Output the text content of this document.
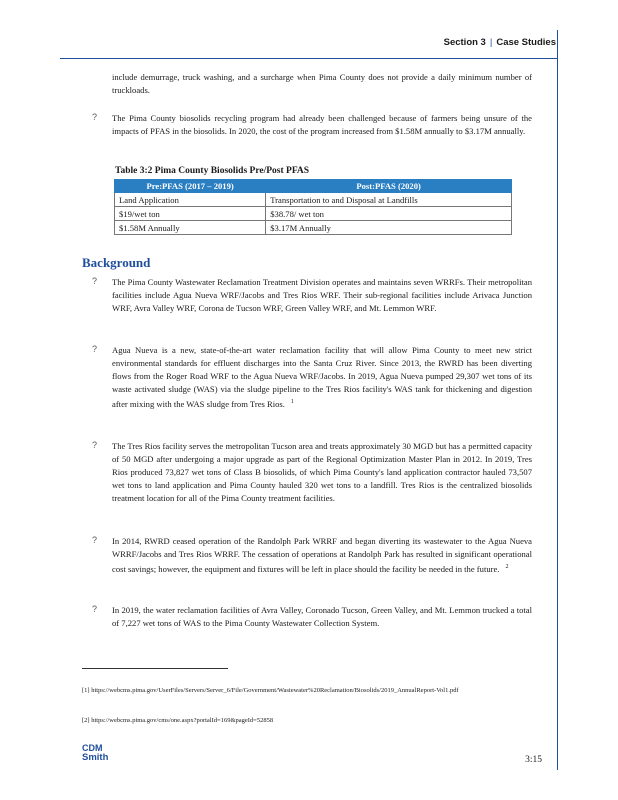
Section 3 | Case Studies
include demurrage, truck washing, and a surcharge when Pima County does not provide a daily minimum number of truckloads.
? The Pima County biosolids recycling program had already been challenged because of farmers being unsure of the impacts of PFAS in the biosolids. In 2020, the cost of the program increased from $1.58M annually to $3.17M annually.
Table 3:2 Pima County Biosolids Pre/Post PFAS
Pre:PFAS (2017 – 2019)	Post:PFAS (2020)
Land Application	Transportation to and Disposal at Landfills
$19/wet ton	$38.78/ wet ton
$1.58M Annually	$3.17M Annually
Background
? The Pima County Wastewater Reclamation Treatment Division operates and maintains seven WRRFs. Their metropolitan facilities include Agua Nueva WRF/Jacobs and Tres Rios WRF. Their sub-regional facilities include Arivaca Junction WRF, Avra Valley WRF, Corona de Tucson WRF, Green Valley WRF, and Mt. Lemmon WRF.
? Agua Nueva is a new, state-of-the-art water reclamation facility that will allow Pima County to meet new strict environmental standards for effluent discharges into the Santa Cruz River. Since 2013, the RWRD has been diverting flows from the Roger Road WRF to the Agua Nueva WRF/Jacobs. In 2019, Agua Nueva pumped 29,307 wet tons of its waste activated sludge (WAS) via the sludge pipeline to the Tres Rios facility's WAS tank for thickening and digestion after mixing with the WAS sludge from Tres Rios. $^1$
? The Tres Rios facility serves the metropolitan Tucson area and treats approximately 30 MGD but has a permitted capacity of 50 MGD after undergoing a major upgrade as part of the Regional Optimization Master Plan in 2012. In 2019, Tres Rios produced 73,827 wet tons of Class B biosolids, of which Pima County's land application contractor hauled 73,507 wet tons to land application and Pima County hauled 320 wet tons to a landfill. Tres Rios is the centralized biosolids treatment location for all of the Pima County treatment facilities.
? In 2014, RWRD ceased operation of the Randolph Park WRRF and began diverting its wastewater to the Agua Nueva WRRF/Jacobs and Tres Rios WRRF. The cessation of operations at Randolph Park has resulted in significant operational cost savings; however, the equipment and fixtures will be left in place should the facility be needed in the future. $^2$
? In 2019, the water reclamation facilities of Avra Valley, Coronado Tucson, Green Valley, and Mt. Lemmon trucked a total of 7,227 wet tons of WAS to the Pima County Wastewater Collection System.
[1] https://webcms.pima.gov/UserFiles/Servers/Server_6/File/Government/Wastewater%20Reclamation/Biosolids/2019_AnnualReport-Vol1.pdf
[2] https://webcms.pima.gov/cms/one.aspx?portalId=169&pageId=52858
CDM
Smith	3:15
